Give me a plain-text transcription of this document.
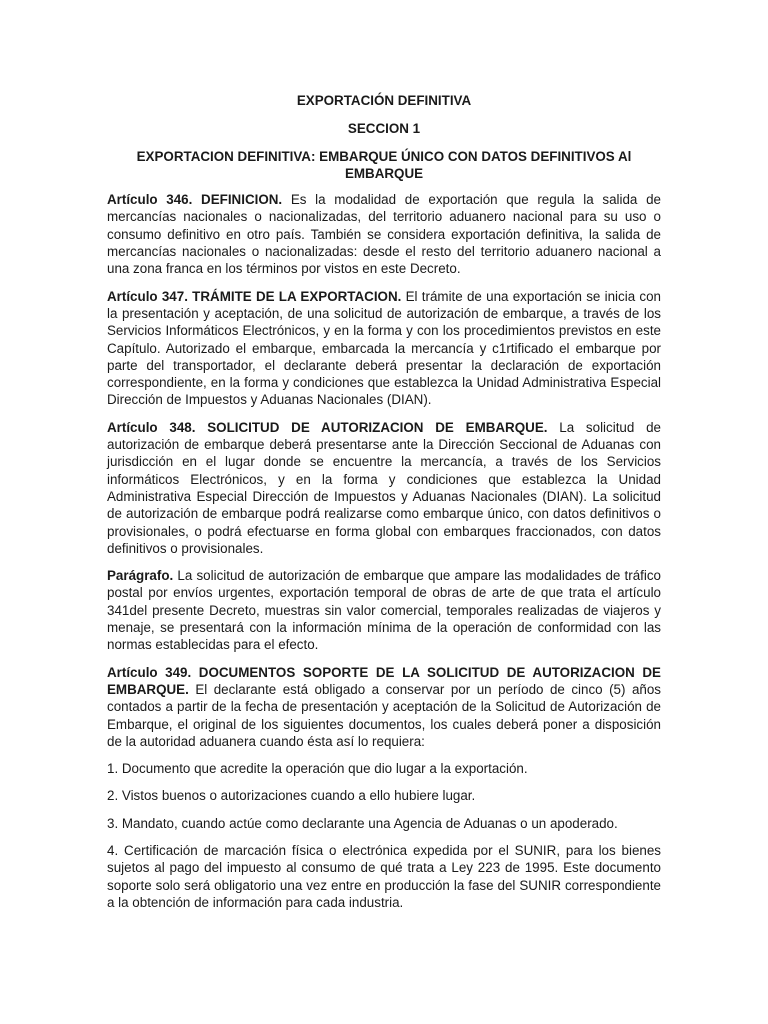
EXPORTACIÓN DEFINITIVA
SECCION 1
EXPORTACION DEFINITIVA: EMBARQUE ÚNICO CON DATOS DEFINITIVOS Al EMBARQUE

Artículo 346. DEFINICION. Es la modalidad de exportación que regula la salida de mercancías nacionales o nacionalizadas, del territorio aduanero nacional para su uso o consumo definitivo en otro país. También se considera exportación definitiva, la salida de mercancías nacionales o nacionalizadas: desde el resto del territorio aduanero nacional a una zona franca en los términos por vistos en este Decreto.

Artículo 347. TRÁMITE DE LA EXPORTACION. El trámite de una exportación se inicia con la presentación y aceptación, de una solicitud de autorización de embarque, a través de los Servicios Informáticos Electrónicos, y en la forma y con los procedimientos previstos en este Capítulo. Autorizado el embarque, embarcada la mercancía y c1rtificado el embarque por parte del transportador, el declarante deberá presentar la declaración de exportación correspondiente, en la forma y condiciones que establezca la Unidad Administrativa Especial Dirección de Impuestos y Aduanas Nacionales (DIAN).

Artículo 348. SOLICITUD DE AUTORIZACION DE EMBARQUE. La solicitud de autorización de embarque deberá presentarse ante la Dirección Seccional de Aduanas con jurisdicción en el lugar donde se encuentre la mercancía, a través de los Servicios informáticos Electrónicos, y en la forma y condiciones que establezca la Unidad Administrativa Especial Dirección de Impuestos y Aduanas Nacionales (DIAN). La solicitud de autorización de embarque podrá realizarse como embarque único, con datos definitivos o provisionales, o podrá efectuarse en forma global con embarques fraccionados, con datos definitivos o provisionales.

Parágrafo. La solicitud de autorización de embarque que ampare las modalidades de tráfico postal por envíos urgentes, exportación temporal de obras de arte de que trata el artículo 341del presente Decreto, muestras sin valor comercial, temporales realizadas de viajeros y menaje, se presentará con la información mínima de la operación de conformidad con las normas establecidas para el efecto.

Artículo 349. DOCUMENTOS SOPORTE DE LA SOLICITUD DE AUTORIZACION DE EMBARQUE. El declarante está obligado a conservar por un período de cinco (5) años contados a partir de la fecha de presentación y aceptación de la Solicitud de Autorización de Embarque, el original de los siguientes documentos, los cuales deberá poner a disposición de la autoridad aduanera cuando ésta así lo requiera:

1. Documento que acredite la operación que dio lugar a la exportación.

2. Vistos buenos o autorizaciones cuando a ello hubiere lugar.

3. Mandato, cuando actúe como declarante una Agencia de Aduanas o un apoderado.

4. Certificación de marcación física o electrónica expedida por el SUNIR, para los bienes sujetos al pago del impuesto al consumo de qué trata a Ley 223 de 1995. Este documento soporte solo será obligatorio una vez entre en producción la fase del SUNIR correspondiente a la obtención de información para cada industria.
